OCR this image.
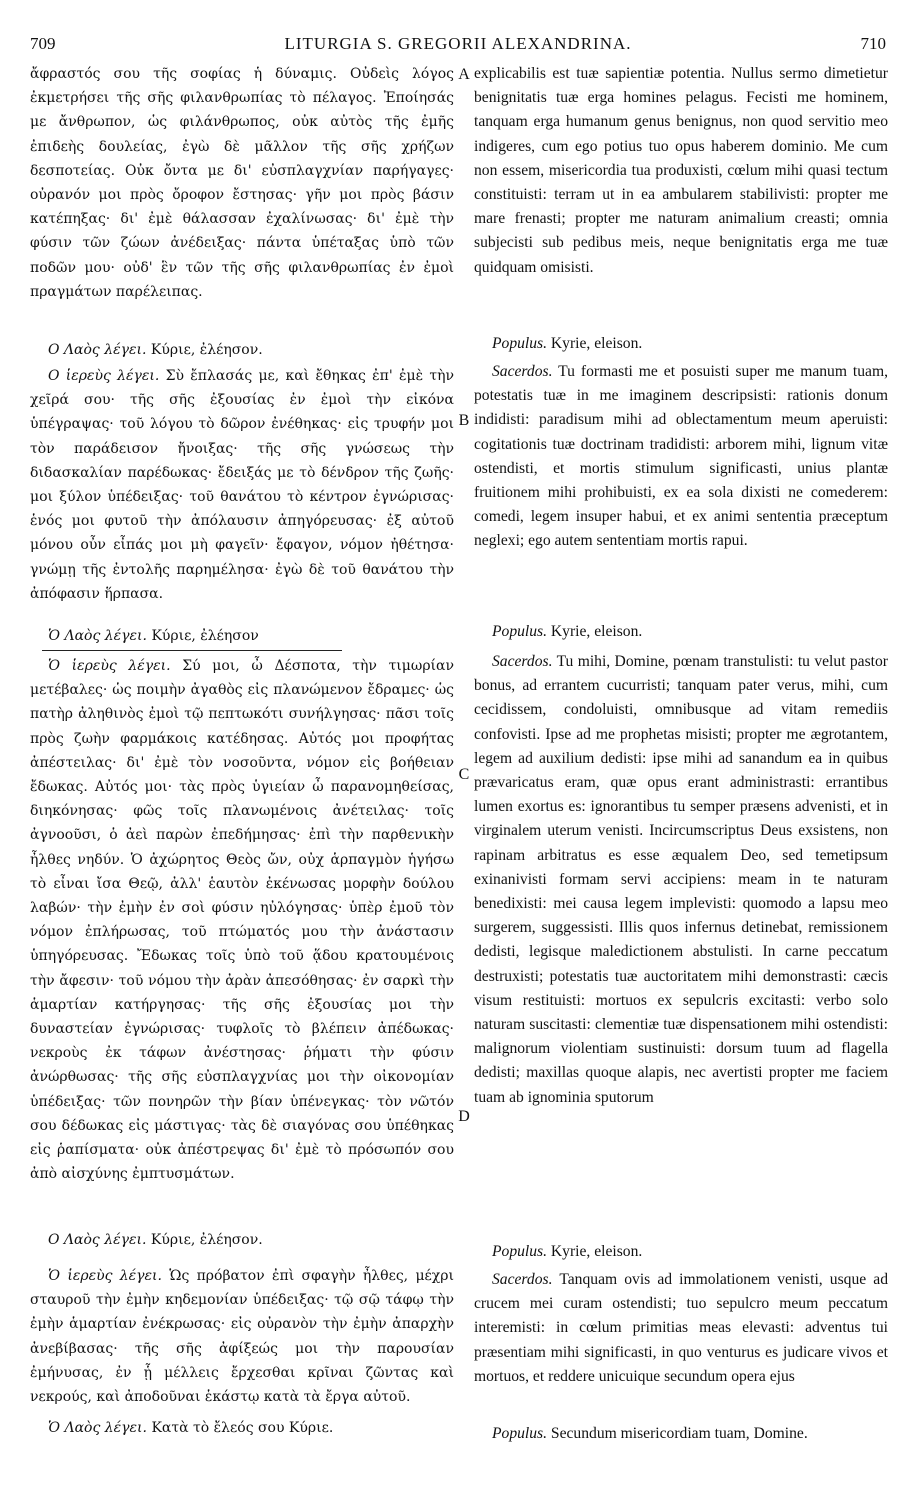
709	LITURGIA S. GREGORII ALEXANDRINA.	710

ἄφραστός σου τῆς σοφίας ἡ δύναμις. Οὐδεὶς λόγος ἐκμετρήσει τῆς σῆς φιλανθρωπίας τὸ πέλαγος. Ἐποίησάς με ἄνθρωπον, ὡς φιλάνθρωπος, οὐκ αὐτὸς τῆς ἐμῆς ἐπιδεὴς δουλείας, ἐγὼ δὲ μᾶλλον τῆς σῆς χρήζων δεσποτείας. Οὐκ ὄντα με δι' εὐσπλαγχνίαν παρήγαγες· οὐρανόν μοι πρὸς ὄροφον ἔστησας· γῆν μοι πρὸς βάσιν κατέπηξας· δι' ἐμὲ θάλασσαν ἐχαλίνωσας· δι' ἐμὲ τὴν φύσιν τῶν ζώων ἀνέδειξας· πάντα ὑπέταξας ὑπὸ τῶν ποδῶν μου· οὐδ' ἓν τῶν τῆς σῆς φιλανθρωπίας ἐν ἐμοὶ πραγμάτων παρέλειπας.

Ο Λαὸς λέγει. Κύριε, ἐλέησον.

Ο ἱερεὺς λέγει. Σὺ ἔπλασάς με, καὶ ἔθηκας ἐπ' ἐμὲ τὴν χεῖρά σου· τῆς σῆς ἐξουσίας ἐν ἐμοὶ τὴν εἰκόνα ὑπέγραψας· τοῦ λόγου τὸ δῶρον ἐνέθηκας· εἰς τρυφήν μοι τὸν παράδεισον ἤνοιξας· τῆς σῆς γνώσεως τὴν διδασκαλίαν παρέδωκας· ἔδειξάς με τὸ δένδρον τῆς ζωῆς· μοι ξύλον ὑπέδειξας· τοῦ θανάτου τὸ κέντρον ἐγνώρισας· ἑνός μοι φυτοῦ τὴν ἀπόλαυσιν ἀπηγόρευσας· ἐξ αὐτοῦ μόνου οὖν εἶπάς μοι μὴ φαγεῖν· ἔφαγον, νόμον ἠθέτησα· γνώμῃ τῆς ἐντολῆς παρημέλησα· ἐγὼ δὲ τοῦ θανάτου τὴν ἀπόφασιν ἥρπασα.

Ὁ Λαὸς λέγει. Κύριε, ἐλέησον

Ὁ ἱερεὺς λέγει. Σύ μοι, ὦ Δέσποτα, τὴν τιμωρίαν μετέβαλες· ὡς ποιμὴν ἀγαθὸς εἰς πλανώμενον ἔδραμες· ὡς πατὴρ ἀληθινὸς ἐμοὶ τῷ πεπτωκότι συνήλγησας· πᾶσι τοῖς πρὸς ζωὴν φαρμάκοις κατέδησας. Αὐτός μοι προφήτας ἀπέστειλας· δι' ἐμὲ τὸν νοσοῦντα, νόμον εἰς βοήθειαν ἔδωκας. Αὐτός μοι· τὰς πρὸς ὑγιείαν ὦ παρανομηθείσας, διηκόνησας· φῶς τοῖς πλανωμένοις ἀνέτειλας· τοῖς ἀγνοοῦσι, ὁ ἀεὶ παρὼν ἐπεδήμησας· ἐπὶ τὴν παρθενικὴν ἦλθες νηδύν. Ὁ ἀχώρητος Θεὸς ὤν, οὐχ ἁρπαγμὸν ἡγήσω τὸ εἶναι ἴσα Θεῷ, ἀλλ' ἑαυτὸν ἐκένωσας μορφὴν δούλου λαβών· τὴν ἐμὴν ἐν σοὶ φύσιν ηὐλόγησας· ὑπὲρ ἐμοῦ τὸν νόμον ἐπλήρωσας, τοῦ πτώματός μου τὴν ἀνάστασιν ὑπηγόρευσας. Ἔδωκας τοῖς ὑπὸ τοῦ ᾅδου κρατουμένοις τὴν ἄφεσιν· τοῦ νόμου τὴν ἀρὰν ἀπεσόθησας· ἐν σαρκὶ τὴν ἁμαρτίαν κατήργησας· τῆς σῆς ἐξουσίας μοι τὴν δυναστείαν ἐγνώρισας· τυφλοῖς τὸ βλέπειν ἀπέδωκας· νεκροὺς ἐκ τάφων ἀνέστησας· ῥήματι τὴν φύσιν ἀνώρθωσας· τῆς σῆς εὐσπλαγχνίας μοι τὴν οἰκονομίαν ὑπέδειξας· τῶν πονηρῶν τὴν βίαν ὑπένεγκας· τὸν νῶτόν σου δέδωκας εἰς μάστιγας· τὰς δὲ σιαγόνας σου ὑπέθηκας εἰς ῥαπίσματα· οὐκ ἀπέστρεψας δι' ἐμὲ τὸ πρόσωπόν σου ἀπὸ αἰσχύνης ἐμπτυσμάτων.

Ο Λαὸς λέγει. Κύριε, ἐλέησον.

Ὁ ἱερεὺς λέγει. Ὡς πρόβατον ἐπὶ σφαγὴν ἦλθες, μέχρι σταυροῦ τὴν ἐμὴν κηδεμονίαν ὑπέδειξας· τῷ σῷ τάφῳ τὴν ἐμὴν ἁμαρτίαν ἐνέκρωσας· εἰς οὐρανὸν τὴν ἐμὴν ἀπαρχὴν ἀνεβίβασας· τῆς σῆς ἀφίξεώς μοι τὴν παρουσίαν ἐμήνυσας, ἐν ᾗ μέλλεις ἔρχεσθαι κρῖναι ζῶντας καὶ νεκρούς, καὶ ἀποδοῦναι ἑκάστῳ κατὰ τὰ ἔργα αὐτοῦ.

Ὁ Λαὸς λέγει. Κατὰ τὸ ἔλεός σου Κύριε.

A
B
C
D

explicabilis est tuæ sapientiæ potentia. Nullus sermo dimetietur benignitatis tuæ erga homines pelagus. Fecisti me hominem, tanquam erga humanum genus benignus, non quod servitio meo indigeres, cum ego potius tuo opus haberem dominio. Me cum non essem, misericordia tua produxisti, cœlum mihi quasi tectum constituisti: terram ut in ea ambularem stabilivisti: propter me mare frenasti; propter me naturam animalium creasti; omnia subjecisti sub pedibus meis, neque benignitatis erga me tuæ quidquam omisisti.

Populus. Kyrie, eleison.

Sacerdos. Tu formasti me et posuisti super me manum tuam, potestatis tuæ in me imaginem descripsisti: rationis donum indidisti: paradisum mihi ad oblectamentum meum aperuisti: cogitationis tuæ doctrinam tradidisti: arborem mihi, lignum vitæ ostendisti, et mortis stimulum significasti, unius plantæ fruitionem mihi prohibuisti, ex ea sola dixisti ne comederem: comedi, legem insuper habui, et ex animi sententia præceptum neglexi; ego autem sententiam mortis rapui.

Populus. Kyrie, eleison.

Sacerdos. Tu mihi, Domine, pœnam transtulisti: tu velut pastor bonus, ad errantem cucurristi; tanquam pater verus, mihi, cum cecidissem, condoluisti, omnibusque ad vitam remediis confovisti. Ipse ad me prophetas misisti; propter me ægrotantem, legem ad auxilium dedisti: ipse mihi ad sanandum ea in quibus prævaricatus eram, quæ opus erant administrasti: errantibus lumen exortus es: ignorantibus tu semper præsens advenisti, et in virginalem uterum venisti. Incircumscriptus Deus exsistens, non rapinam arbitratus es esse æqualem Deo, sed temetipsum exinanivisti formam servi accipiens: meam in te naturam benedixisti: mei causa legem implevisti: quomodo a lapsu meo surgerem, suggessisti. Illis quos infernus detinebat, remissionem dedisti, legisque maledictionem abstulisti. In carne peccatum destruxisti; potestatis tuæ auctoritatem mihi demonstrasti: cæcis visum restituisti: mortuos ex sepulcris excitasti: verbo solo naturam suscitasti: clementiæ tuæ dispensationem mihi ostendisti: malignorum violentiam sustinuisti: dorsum tuum ad flagella dedisti; maxillas quoque alapis, nec avertisti propter me faciem tuam ab ignominia sputorum

Populus. Kyrie, eleison.

Sacerdos. Tanquam ovis ad immolationem venisti, usque ad crucem mei curam ostendisti; tuo sepulcro meum peccatum interemisti: in cœlum primitias meas elevasti: adventus tui præsentiam mihi significasti, in quo venturus es judicare vivos et mortuos, et reddere unicuique secundum opera ejus

Populus. Secundum misericordiam tuam, Domine.
